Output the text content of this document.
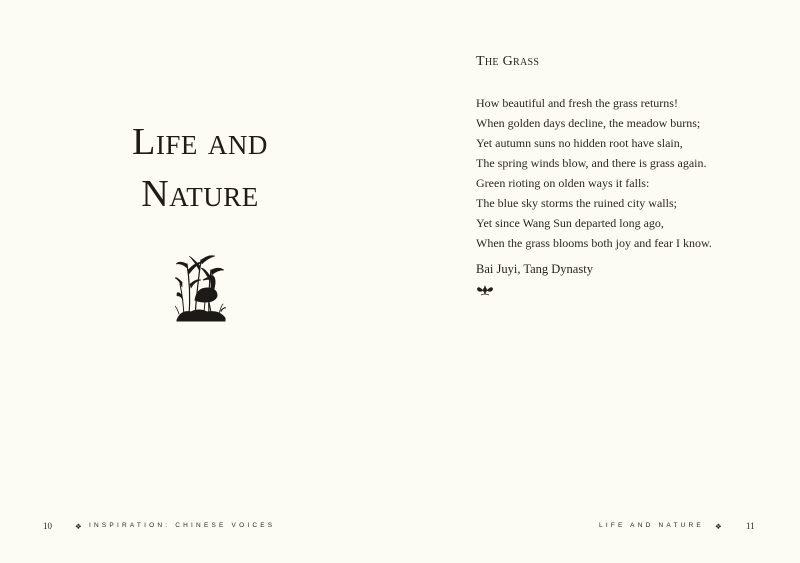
Life and
Nature
10	❖ INSPIRATION: CHINESE VOICES
The Grass
How beautiful and fresh the grass returns!
When golden days decline, the meadow burns;
Yet autumn suns no hidden root have slain,
The spring winds blow, and there is grass again.
Green rioting on olden ways it falls:
The blue sky storms the ruined city walls;
Yet since Wang Sun departed long ago,
When the grass blooms both joy and fear I know.

Bai Juyi, Tang Dynasty

LIFE AND NATURE ❖	11
